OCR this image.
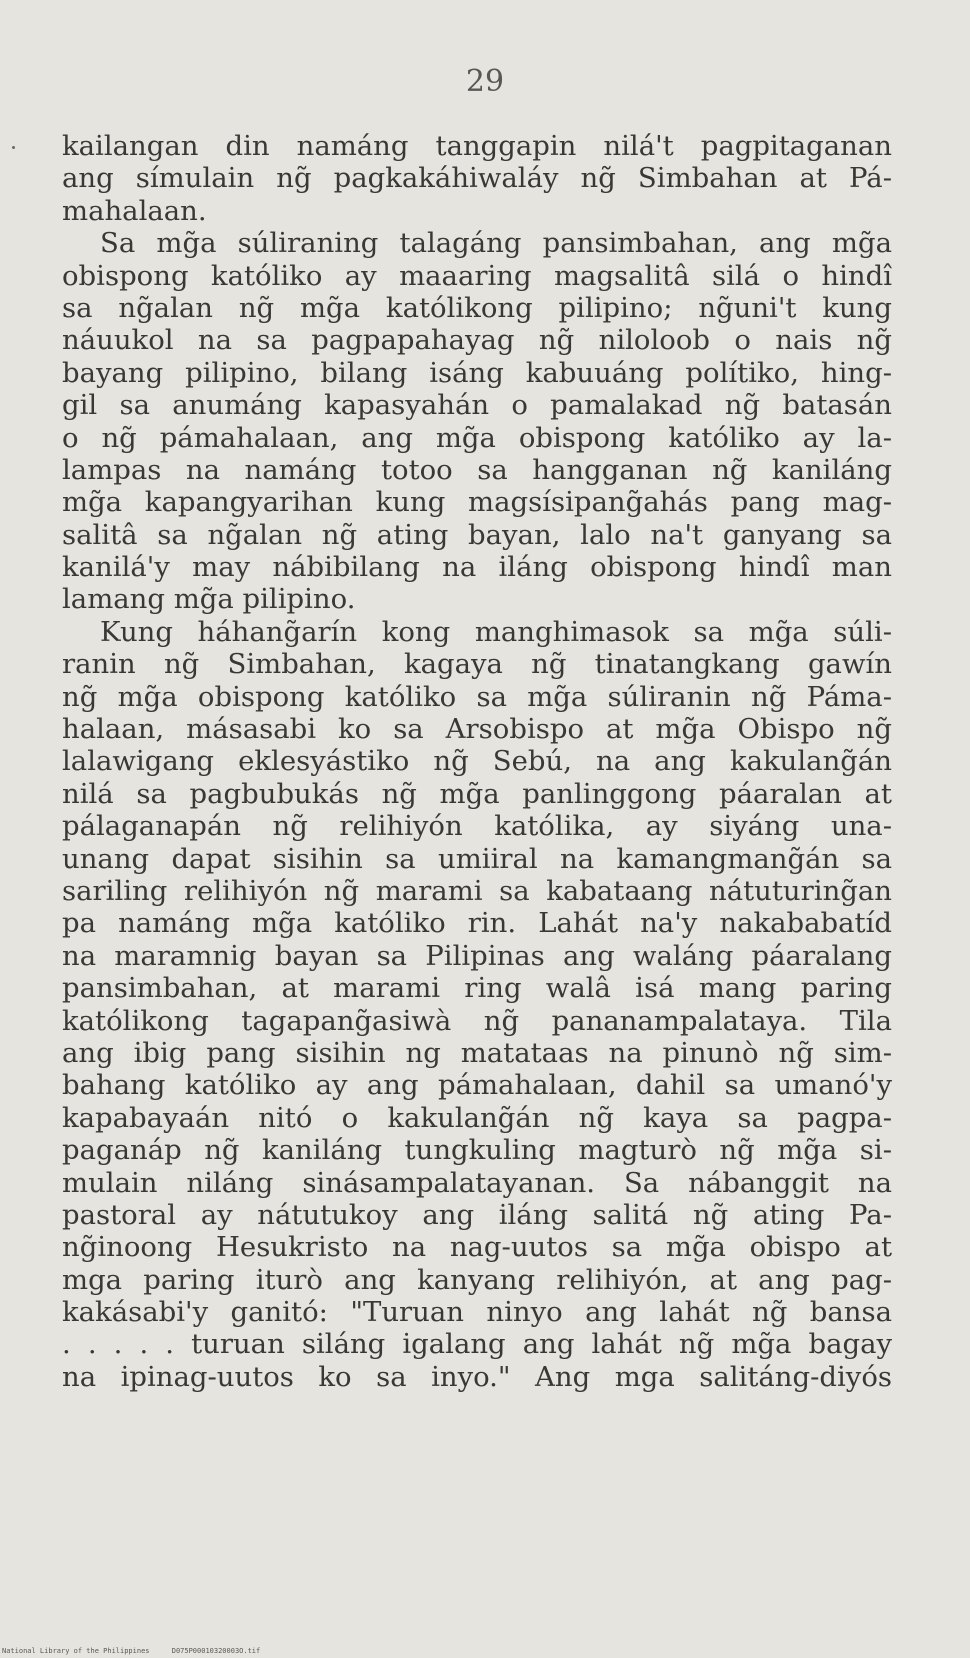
29
kailangan din namáng tanggapin nilá't pagpitaganan
ang símulain ng̃ pagkakáhiwaláy ng̃ Simbahan at Pá-
mahalaan.
Sa mg̃a súliraning talagáng pansimbahan, ang mg̃a
obispong katóliko ay maaaring magsalitâ silá o hindî
sa ng̃alan ng̃ mg̃a katólikong pilipino; ng̃uni't kung
náuukol na sa pagpapahayag ng̃ niloloob o nais ng̃
bayang pilipino, bilang isáng kabuuáng polítiko, hing-
gil sa anumáng kapasyahán o pamalakad ng̃ batasán
o ng̃ pámahalaan, ang mg̃a obispong katóliko ay la-
lampas na namáng totoo sa hangganan ng̃ kaniláng
mg̃a kapangyarihan kung magsísipang̃ahás pang mag-
salitâ sa ng̃alan ng̃ ating bayan, lalo na't ganyang sa
kanilá'y may nábibilang na iláng obispong hindî man
lamang mg̃a pilipino.
Kung háhang̃arín kong manghimasok sa mg̃a súli-
ranin ng̃ Simbahan, kagaya ng̃ tinatangkang gawín
ng̃ mg̃a obispong katóliko sa mg̃a súliranin ng̃ Páma-
halaan, másasabi ko sa Arsobispo at mg̃a Obispo ng̃
lalawigang eklesyástiko ng̃ Sebú, na ang kakulang̃án
nilá sa pagbubukás ng̃ mg̃a panlinggong páaralan at
pálaganapán ng̃ relihiyón katólika, ay siyáng una-
unang dapat sisihin sa umiiral na kamangmang̃án sa
sariling relihiyón ng̃ marami sa kabataang nátuturing̃an
pa namáng mg̃a katóliko rin. Lahát na'y nakababatíd
na maramnig bayan sa Pilipinas ang waláng páaralang
pansimbahan, at marami ring walâ isá mang paring
katólikong tagapang̃asiwà ng̃ pananampalataya. Tila
ang ibig pang sisihin ng matataas na pinunò ng̃ sim-
bahang katóliko ay ang pámahalaan, dahil sa umanó'y
kapabayaán nitó o kakulang̃án ng̃ kaya sa pagpa-
paganáp ng̃ kaniláng tungkuling magturò ng̃ mg̃a si-
mulain niláng sinásampalatayanan. Sa nábanggit na
pastoral ay nátutukoy ang iláng salitá ng̃ ating Pa-
ng̃inoong Hesukristo na nag-uutos sa mg̃a obispo at
mga paring iturò ang kanyang relihiyón, at ang pag-
kakásabi'y ganitó: "Turuan ninyo ang lahát ng̃ bansa
. . . . . turuan siláng igalang ang lahát ng̃ mg̃a bagay
na ipinag-uutos ko sa inyo." Ang mga salitáng-diyós
National Library of the Philippines	D075P00010320003O.tif
